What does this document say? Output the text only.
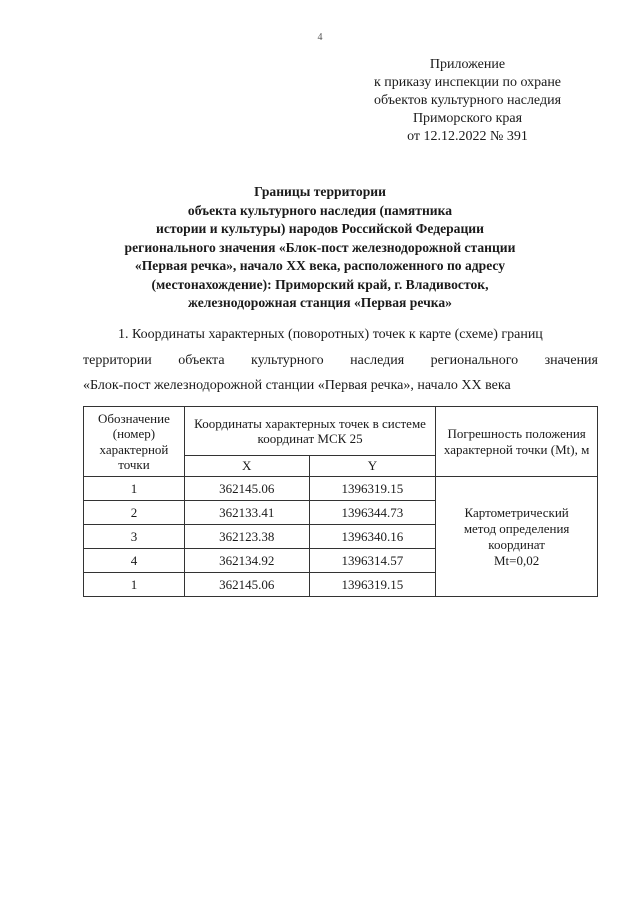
4
Приложение
к приказу инспекции по охране
объектов культурного наследия
Приморского края
от 12.12.2022 № 391
Границы территории
объекта культурного наследия (памятника
истории и культуры) народов Российской Федерации
регионального значения «Блок-пост железнодорожной станции
«Первая речка», начало XX века, расположенного по адресу
(местонахождение): Приморский край, г. Владивосток,
железнодорожная станция «Первая речка»
1. Координаты характерных (поворотных) точек к карте (схеме) границ
территории объекта культурного наследия регионального значения
«Блок-пост железнодорожной станции «Первая речка», начало XX века
Обозначение (номер) характерной точки	Координаты характерных точек в системе координат МСК 25		Погрешность положения характерной точки (Mt), м
	X	Y	
1	362145.06	1396319.15	Картометрический
метод определения
координат
Mt=0,02

2	362133.41	1396344.73	
3	362123.38	1396340.16	
4	362134.92	1396314.57	
1	362145.06	1396319.15	
